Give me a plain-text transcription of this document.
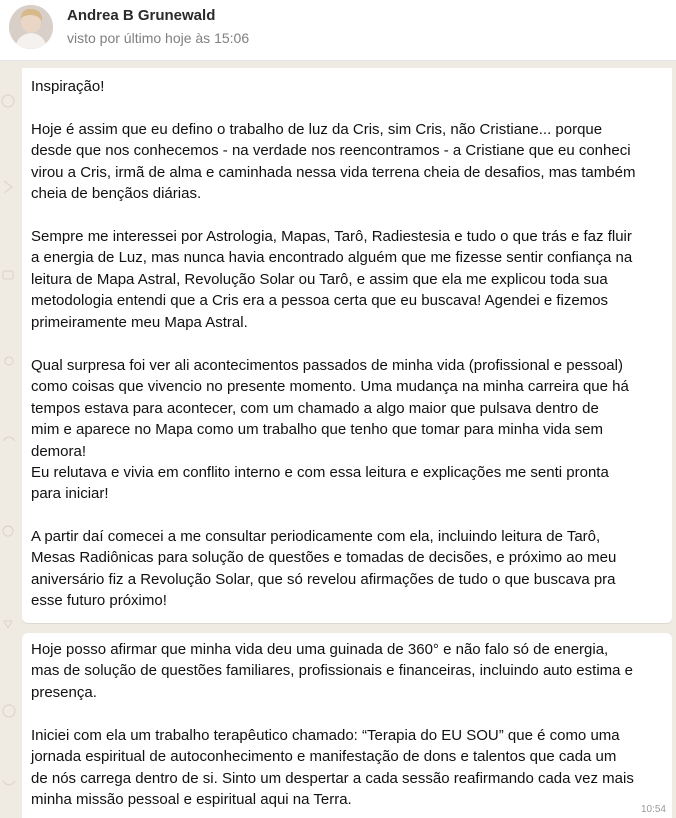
Andrea B Grunewald
visto por último hoje às 15:06

Inspiração!

Hoje é assim que eu defino o trabalho de luz da Cris, sim Cris, não Cristiane... porque
desde que nos conhecemos - na verdade nos reencontramos - a Cristiane que eu conheci
virou a Cris, irmã de alma e caminhada nessa vida terrena cheia de desafios, mas também
cheia de bençãos diárias.

Sempre me interessei por Astrologia, Mapas, Tarô, Radiestesia e tudo o que trás e faz fluir
a energia de Luz, mas nunca havia encontrado alguém que me fizesse sentir confiança na
leitura de Mapa Astral, Revolução Solar ou Tarô, e assim que ela me explicou toda sua
metodologia entendi que a Cris era a pessoa certa que eu buscava! Agendei e fizemos
primeiramente meu Mapa Astral.

Qual surpresa foi ver ali acontecimentos passados de minha vida (profissional e pessoal)
como coisas que vivencio no presente momento. Uma mudança na minha carreira que há
tempos estava para acontecer, com um chamado a algo maior que pulsava dentro de
mim e aparece no Mapa como um trabalho que tenho que tomar para minha vida sem
demora!
Eu relutava e vivia em conflito interno e com essa leitura e explicações me senti pronta
para iniciar!

A partir daí comecei a me consultar periodicamente com ela, incluindo leitura de Tarô,
Mesas Radiônicas para solução de questões e tomadas de decisões, e próximo ao meu
aniversário fiz a Revolução Solar, que só revelou afirmações de tudo o que buscava pra
esse futuro próximo!

Hoje posso afirmar que minha vida deu uma guinada de 360° e não falo só de energia,
mas de solução de questões familiares, profissionais e financeiras, incluindo auto estima e
presença.

Iniciei com ela um trabalho terapêutico chamado: “Terapia do EU SOU” que é como uma
jornada espiritual de autoconhecimento e manifestação de dons e talentos que cada um
de nós carrega dentro de si. Sinto um despertar a cada sessão reafirmando cada vez mais
minha missão pessoal e espiritual aqui na Terra.

10:54
